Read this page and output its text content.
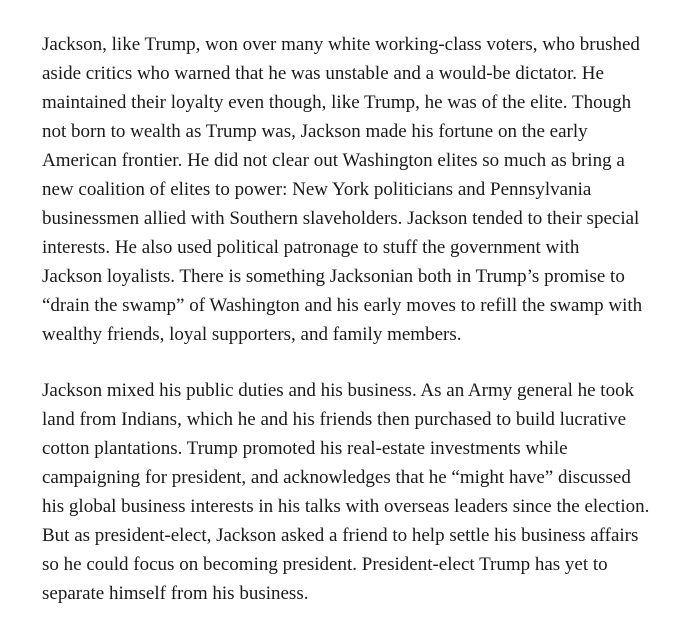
Jackson, like Trump, won over many white working-class voters, who brushed
aside critics who warned that he was unstable and a would-be dictator. He
maintained their loyalty even though, like Trump, he was of the elite. Though
not born to wealth as Trump was, Jackson made his fortune on the early
American frontier. He did not clear out Washington elites so much as bring a
new coalition of elites to power: New York politicians and Pennsylvania
businessmen allied with Southern slaveholders. Jackson tended to their special
interests. He also used political patronage to stuff the government with
Jackson loyalists. There is something Jacksonian both in Trump’s promise to
“drain the swamp” of Washington and his early moves to refill the swamp with
wealthy friends, loyal supporters, and family members.

Jackson mixed his public duties and his business. As an Army general he took
land from Indians, which he and his friends then purchased to build lucrative
cotton plantations. Trump promoted his real-estate investments while
campaigning for president, and acknowledges that he “might have” discussed
his global business interests in his talks with overseas leaders since the election.
But as president-elect, Jackson asked a friend to help settle his business affairs
so he could focus on becoming president. President-elect Trump has yet to
separate himself from his business.
